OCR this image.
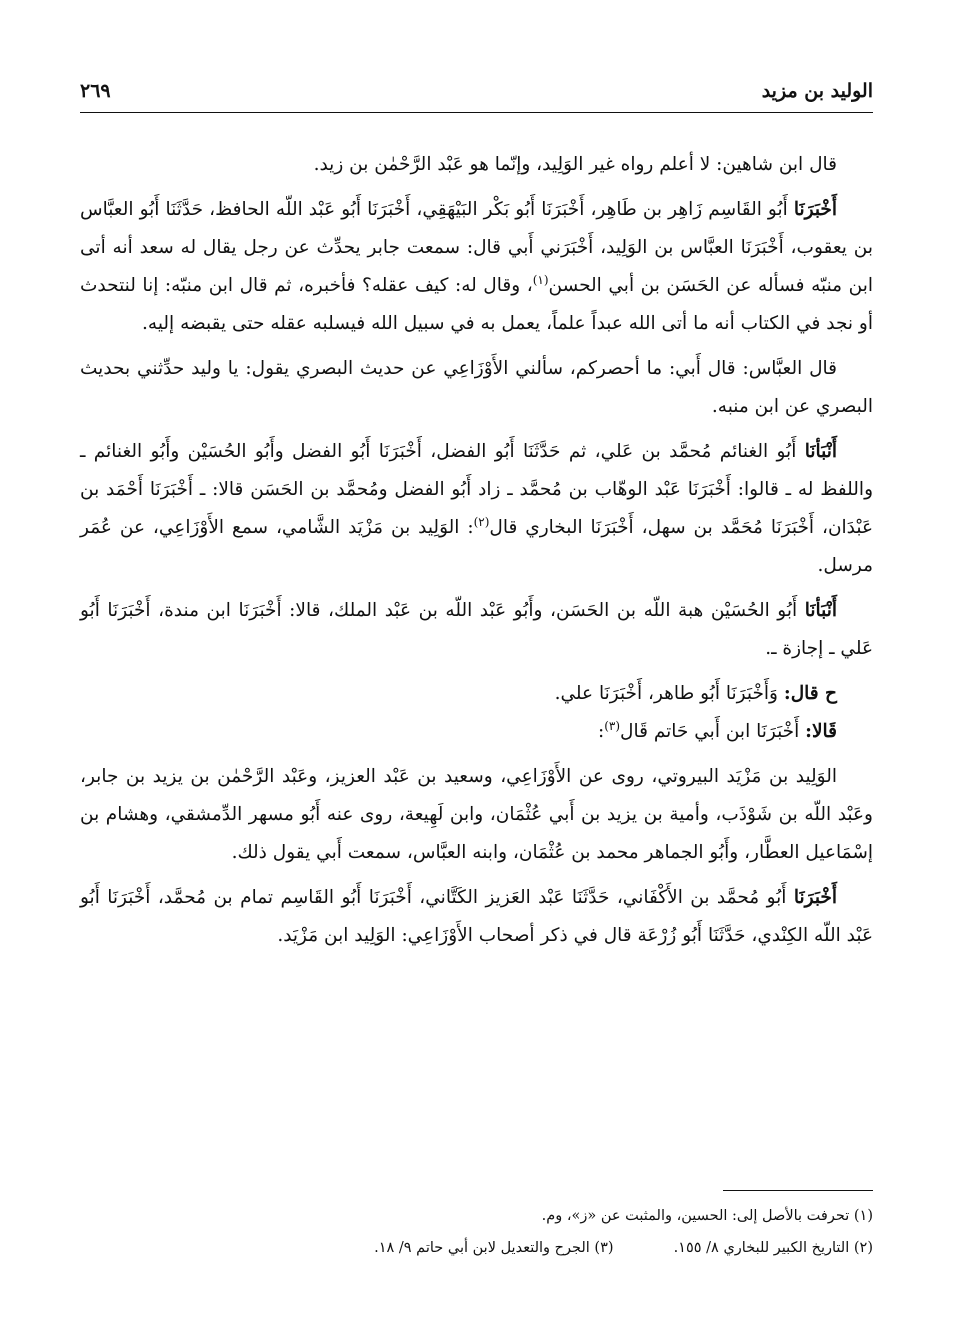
الوليد بن مزيد
٢٦٩

قال ابن شاهين: لا أعلم رواه غير الوَلِيد، وإنّما هو عَبْد الرَّحْمٰن بن زيد.

أَخْبَرَنَا أَبُو القَاسِم زَاهِر بن طَاهِر، أَخْبَرَنَا أَبُو بَكْر البَيْهَقِي، أَخْبَرَنَا أَبُو عَبْد اللّه الحافظ، حَدَّثَنَا أَبُو العبَّاس بن يعقوب، أَخْبَرَنَا العبَّاس بن الوَلِيد، أَخْبَرَني أَبي قال: سمعت جابر يحدِّث عن رجل يقال له سعد أنه أتى ابن منبّه فسأله عن الحَسَن بن أبي الحسن$^{(١)}$، وقال له: كيف عقله؟ فأخبره، ثم قال ابن منبّه: إنا لنتحدث أو نجد في الكتاب أنه ما أتى الله عبداً علماً، يعمل به في سبيل الله فيسلبه عقله حتى يقبضه إليه.

قال العبَّاس: قال أَبي: ما أحصركم، سألني الأَوْزَاعِي عن حديث البصري يقول: يا وليد حدِّثني بحديث البصري عن ابن منبه.

أَنْبَأنَا أَبُو الغنائم مُحمَّد بن عَلي، ثم حَدَّثَنَا أَبُو الفضل، أَخْبَرَنَا أَبُو الفضل وأَبُو الحُسَيْن وأَبُو الغنائم ـ واللفظ له ـ قالوا: أَخْبَرَنَا عَبْد الوهّاب بن مُحمَّد ـ زاد أَبُو الفضل ومُحمَّد بن الحَسَن قالا: ـ أَخْبَرَنَا أَحْمَد بن عَبْدَان، أَخْبَرَنَا مُحَمَّد بن سهل، أَخْبَرَنَا البخاري قال$^{(٢)}$: الوَلِيد بن مَزْيَد الشَّامي، سمع الأَوْزَاعِي، عن عُمَر مرسل.

أَنْبَأنَا أَبُو الحُسَيْن هبة اللّه بن الحَسَن، وأَبُو عَبْد اللّه بن عَبْد الملك، قالا: أَخْبَرَنَا ابن مندة، أَخْبَرَنَا أَبُو عَلي ـ إجازة ـ.

ح قال: وَأَخْبَرَنَا أَبُو طاهر، أَخْبَرَنَا علي.

قَالا: أَخْبَرَنَا ابن أَبي حَاتم قَال$^{(٣)}$:

الوَلِيد بن مَزْيَد البيروتي، روى عن الأَوْزَاعِي، وسعيد بن عَبْد العزيز، وعَبْد الرَّحْمٰن بن يزيد بن جابر، وعَبْد اللّه بن شَوْذَب، وأمية بن يزيد بن أَبي عُثْمَان، وابن لَهِيعة، روى عنه أَبُو مسهر الدِّمشقي، وهشام بن إسْمَاعيل العطَّار، وأَبُو الجماهر محمد بن عُثْمَان، وابنه العبَّاس، سمعت أَبي يقول ذلك.

أَخْبَرَنَا أَبُو مُحمَّد بن الأَكْفَاني، حَدَّثَنَا عَبْد العَزيز الكَتَّاني، أَخْبَرَنَا أَبُو القَاسِم تمام بن مُحمَّد، أَخْبَرَنَا أَبُو عَبْد اللّه الكِنْدي، حَدَّثَنَا أَبُو زُرْعَة قال في ذكر أصحاب الأَوْزَاعِي: الوَلِيد ابن مَزْيَد.

(١) تحرفت بالأصل إلى: الحسين، والمثبت عن «ز»، وم.
(٢) التاريخ الكبير للبخاري ٨/ ١٥٥.
(٣) الجرح والتعديل لابن أبي حاتم ٩/ ١٨.
